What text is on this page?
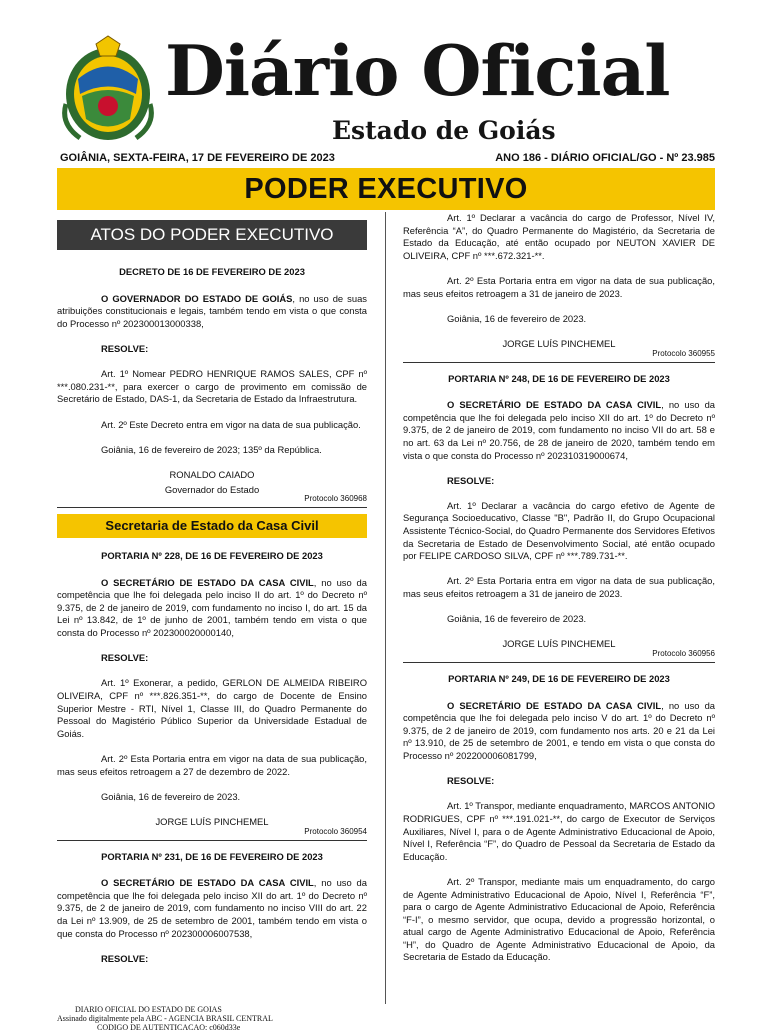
Diário Oficial
Estado de Goiás
GOIÂNIA, SEXTA-FEIRA, 17 DE FEVEREIRO DE 2023	ANO 186 - DIÁRIO OFICIAL/GO - Nº 23.985
PODER EXECUTIVO
ATOS DO PODER EXECUTIVO
DECRETO DE 16 DE FEVEREIRO DE 2023

O GOVERNADOR DO ESTADO DE GOIÁS, no uso de suas atribuições constitucionais e legais, também tendo em vista o que consta do Processo nº 202300013000338,

RESOLVE:

Art. 1º Nomear PEDRO HENRIQUE RAMOS SALES, CPF nº ***.080.231-**, para exercer o cargo de provimento em comissão de Secretário de Estado, DAS-1, da Secretaria de Estado da Infraestrutura.

Art. 2º Este Decreto entra em vigor na data de sua publicação.

Goiânia, 16 de fevereiro de 2023; 135º da República.

RONALDO CAIADO
Governador do Estado
Protocolo 360968
Secretaria de Estado da Casa Civil
PORTARIA Nº 228, DE 16 DE FEVEREIRO DE 2023

O SECRETÁRIO DE ESTADO DA CASA CIVIL, no uso da competência que lhe foi delegada pelo inciso II do art. 1º do Decreto nº 9.375, de 2 de janeiro de 2019, com fundamento no inciso I, do art. 15 da Lei nº 13.842, de 1º de junho de 2001, também tendo em vista o que consta do Processo nº 202300020000140,

RESOLVE:

Art. 1º Exonerar, a pedido, GERLON DE ALMEIDA RIBEIRO OLIVEIRA, CPF nº ***.826.351-**, do cargo de Docente de Ensino Superior Mestre - RTI, Nível 1, Classe III, do Quadro Permanente do Pessoal do Magistério Público Superior da Universidade Estadual de Goiás.

Art. 2º Esta Portaria entra em vigor na data de sua publicação, mas seus efeitos retroagem a 27 de dezembro de 2022.

Goiânia, 16 de fevereiro de 2023.

JORGE LUÍS PINCHEMEL
Protocolo 360954
PORTARIA Nº 231, DE 16 DE FEVEREIRO DE 2023

O SECRETÁRIO DE ESTADO DA CASA CIVIL, no uso da competência que lhe foi delegada pelo inciso XII do art. 1º do Decreto nº 9.375, de 2 de janeiro de 2019, com fundamento no inciso VIII do art. 22 da Lei nº 13.909, de 25 de setembro de 2001, também tendo em vista o que consta do Processo nº 202300006007538,

RESOLVE:

Art. 1º Declarar a vacância do cargo de Professor, Nível IV, Referência “A”, do Quadro Permanente do Magistério, da Secretaria de Estado da Educação, até então ocupado por NEUTON XAVIER DE OLIVEIRA, CPF nº ***.672.321-**.

Art. 2º Esta Portaria entra em vigor na data de sua publicação, mas seus efeitos retroagem a 31 de janeiro de 2023.

Goiânia, 16 de fevereiro de 2023.

JORGE LUÍS PINCHEMEL
Protocolo 360955
PORTARIA Nº 248, DE 16 DE FEVEREIRO DE 2023

O SECRETÁRIO DE ESTADO DA CASA CIVIL, no uso da competência que lhe foi delegada pelo inciso XII do art. 1º do Decreto nº 9.375, de 2 de janeiro de 2019, com fundamento no inciso VII do art. 58 e no art. 63 da Lei nº 20.756, de 28 de janeiro de 2020, também tendo em vista o que consta do Processo nº 202310319000674,

RESOLVE:

Art. 1º Declarar a vacância do cargo efetivo de Agente de Segurança Socioeducativo, Classe "B", Padrão II, do Grupo Ocupacional Assistente Técnico-Social, do Quadro Permanente dos Servidores Efetivos da Secretaria de Estado de Desenvolvimento Social, até então ocupado por FELIPE CARDOSO SILVA, CPF nº ***.789.731-**.

Art. 2º Esta Portaria entra em vigor na data de sua publicação, mas seus efeitos retroagem a 31 de janeiro de 2023.

Goiânia, 16 de fevereiro de 2023.

JORGE LUÍS PINCHEMEL
Protocolo 360956
PORTARIA Nº 249, DE 16 DE FEVEREIRO DE 2023

O SECRETÁRIO DE ESTADO DA CASA CIVIL, no uso da competência que lhe foi delegada pelo inciso V do art. 1º do Decreto nº 9.375, de 2 de janeiro de 2019, com fundamento nos arts. 20 e 21 da Lei nº 13.910, de 25 de setembro de 2001, e tendo em vista o que consta do Processo nº 202200006081799,

RESOLVE:

Art. 1º Transpor, mediante enquadramento, MARCOS ANTONIO RODRIGUES, CPF nº ***.191.021-**, do cargo de Executor de Serviços Auxiliares, Nível I, para o de Agente Administrativo Educacional de Apoio, Nível I, Referência “F”, do Quadro de Pessoal da Secretaria de Estado da Educação.

Art. 2º Transpor, mediante mais um enquadramento, do cargo de Agente Administrativo Educacional de Apoio, Nível I, Referência “F”, para o cargo de Agente Administrativo Educacional de Apoio, Referência “F-I”, o mesmo servidor, que ocupa, devido a progressão horizontal, o atual cargo de Agente Administrativo Educacional de Apoio, Referência “H”, do Quadro de Agente Administrativo Educacional de Apoio, da Secretaria de Estado da Educação.

DIARIO OFICIAL DO ESTADO DE GOIAS
Assinado digitalmente pela ABC - AGENCIA BRASIL CENTRAL
CODIGO DE AUTENTICACAO: c060d33e
